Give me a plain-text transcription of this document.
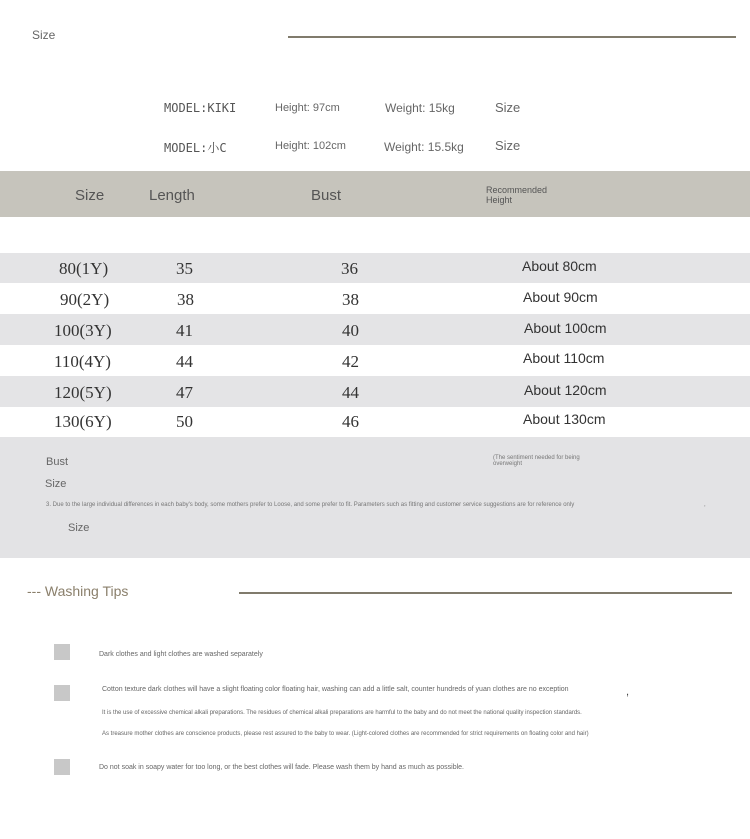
Size
MODEL:KIKI	Height: 97cm	Weight: 15kg	Size
MODEL:小C	Height: 102cm	Weight: 15.5kg Size
Size	Length	Bust	Recommended
Height
80(1Y)	35	36	About 80cm
90(2Y)	38	38	About 90cm
100(3Y)	41	40	About 100cm
110(4Y)	44	42	About 110cm
120(5Y)	47	44	About 120cm
130(6Y)	50	46	About 130cm
Bust	(The sentiment needed for being
overweight
Size
3. Due to the large individual differences in each baby's body, some mothers prefer to Loose, and some prefer to fit. Parameters such as fitting and customer service suggestions are for reference only	,
Size
--- Washing Tips
Dark clothes and light clothes are washed separately
Cotton texture dark clothes will have a slight floating color floating hair, washing can add a little salt, counter hundreds of yuan clothes are no exception	,
It is the use of excessive chemical alkali preparations. The residues of chemical alkali preparations are harmful to the baby and do not meet the national quality inspection standards.
As treasure mother clothes are conscience products, please rest assured to the baby to wear. (Light-colored clothes are recommended for strict requirements on floating color and hair)
Do not soak in soapy water for too long, or the best clothes will fade. Please wash them by hand as much as possible.
